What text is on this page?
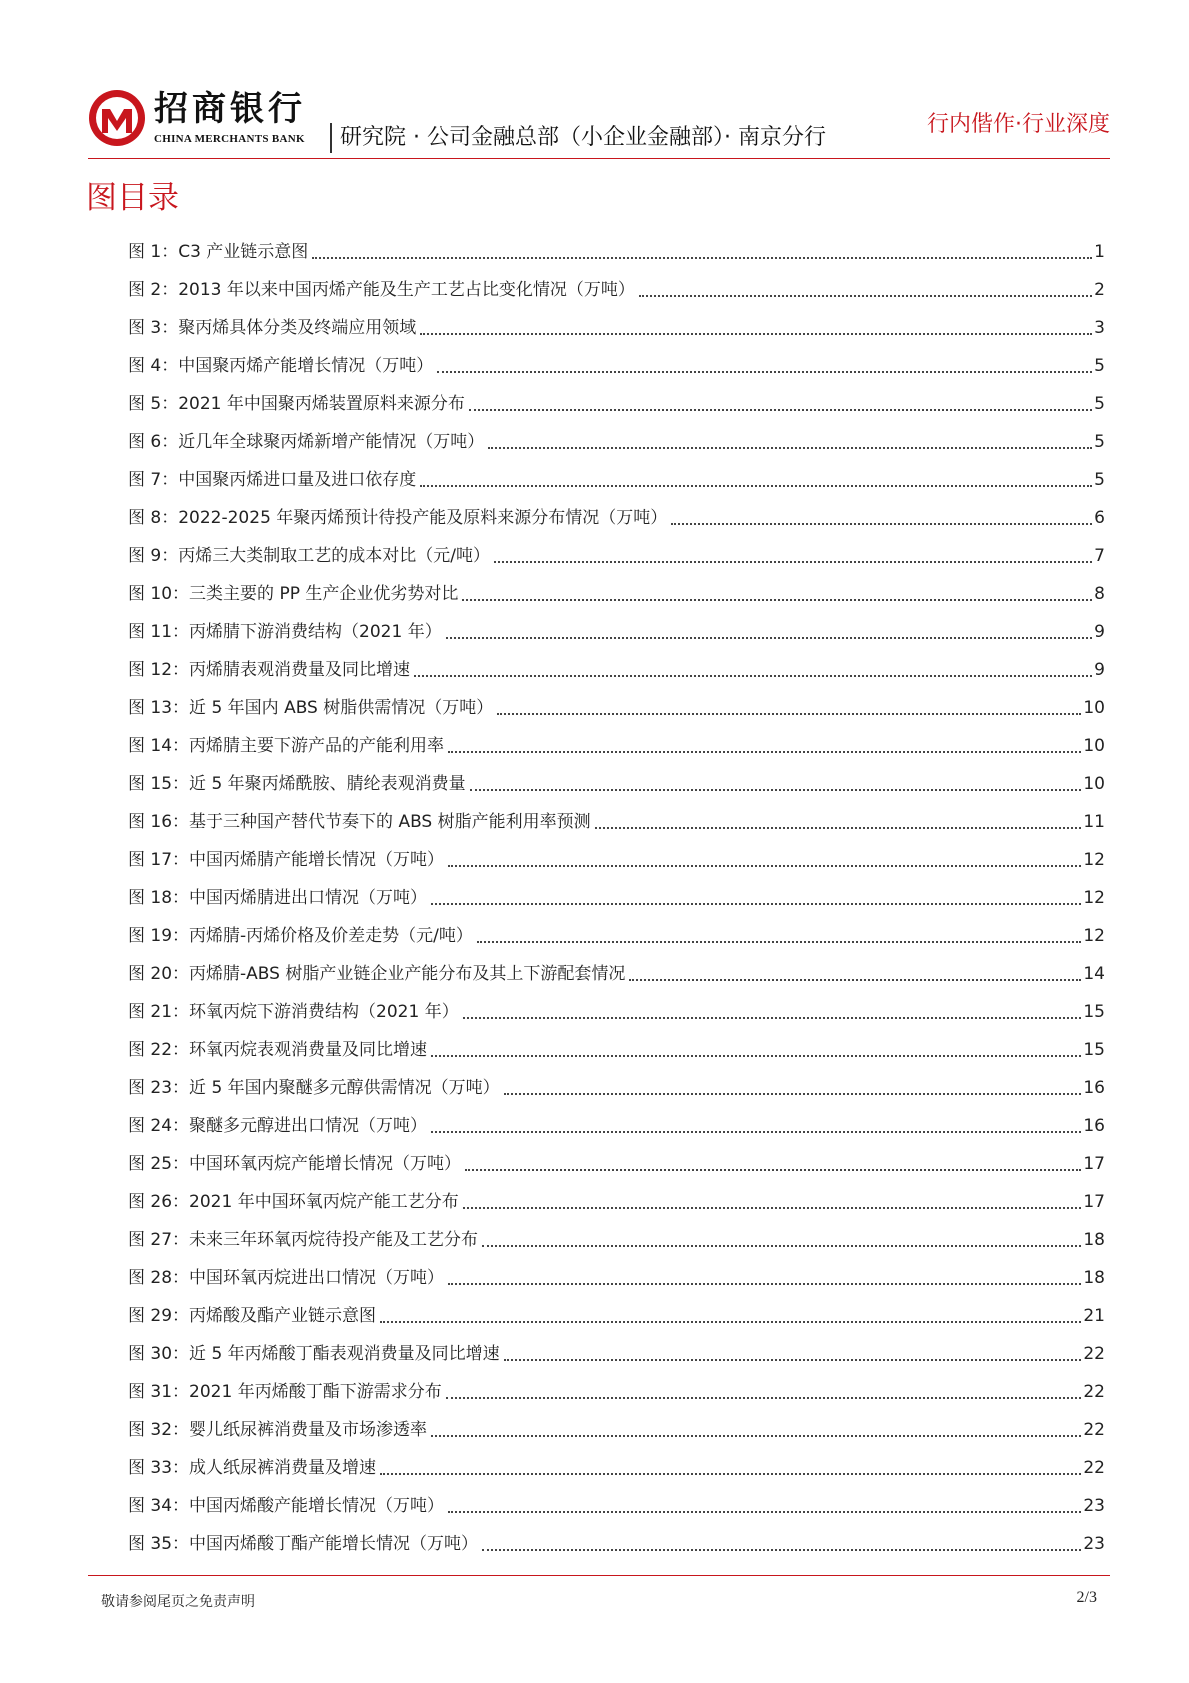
招商银行
CHINA MERCHANTS BANK	研究院 · 公司金融总部（小企业金融部）· 南京分行
行内偕作·行业深度
图目录
图 1：C3 产业链示意图	1
图 2：2013 年以来中国丙烯产能及生产工艺占比变化情况（万吨）	2
图 3：聚丙烯具体分类及终端应用领域	3
图 4：中国聚丙烯产能增长情况（万吨）	5
图 5：2021 年中国聚丙烯装置原料来源分布	5
图 6：近几年全球聚丙烯新增产能情况（万吨）	5
图 7：中国聚丙烯进口量及进口依存度	5
图 8：2022-2025 年聚丙烯预计待投产能及原料来源分布情况（万吨）	6
图 9：丙烯三大类制取工艺的成本对比（元/吨）	7
图 10：三类主要的 PP 生产企业优劣势对比	8
图 11：丙烯腈下游消费结构（2021 年）	9
图 12：丙烯腈表观消费量及同比增速	9
图 13：近 5 年国内 ABS 树脂供需情况（万吨）	10
图 14：丙烯腈主要下游产品的产能利用率	10
图 15：近 5 年聚丙烯酰胺、腈纶表观消费量	10
图 16：基于三种国产替代节奏下的 ABS 树脂产能利用率预测	11
图 17：中国丙烯腈产能增长情况（万吨）	12
图 18：中国丙烯腈进出口情况（万吨）	12
图 19：丙烯腈-丙烯价格及价差走势（元/吨）	12
图 20：丙烯腈-ABS 树脂产业链企业产能分布及其上下游配套情况	14
图 21：环氧丙烷下游消费结构（2021 年）	15
图 22：环氧丙烷表观消费量及同比增速	15
图 23：近 5 年国内聚醚多元醇供需情况（万吨）	16
图 24：聚醚多元醇进出口情况（万吨）	16
图 25：中国环氧丙烷产能增长情况（万吨）	17
图 26：2021 年中国环氧丙烷产能工艺分布	17
图 27：未来三年环氧丙烷待投产能及工艺分布	18
图 28：中国环氧丙烷进出口情况（万吨）	18
图 29：丙烯酸及酯产业链示意图	21
图 30：近 5 年丙烯酸丁酯表观消费量及同比增速	22
图 31：2021 年丙烯酸丁酯下游需求分布	22
图 32：婴儿纸尿裤消费量及市场渗透率	22
图 33：成人纸尿裤消费量及增速	22
图 34：中国丙烯酸产能增长情况（万吨）	23
图 35：中国丙烯酸丁酯产能增长情况（万吨）	23
敬请参阅尾页之免责声明	2/3
